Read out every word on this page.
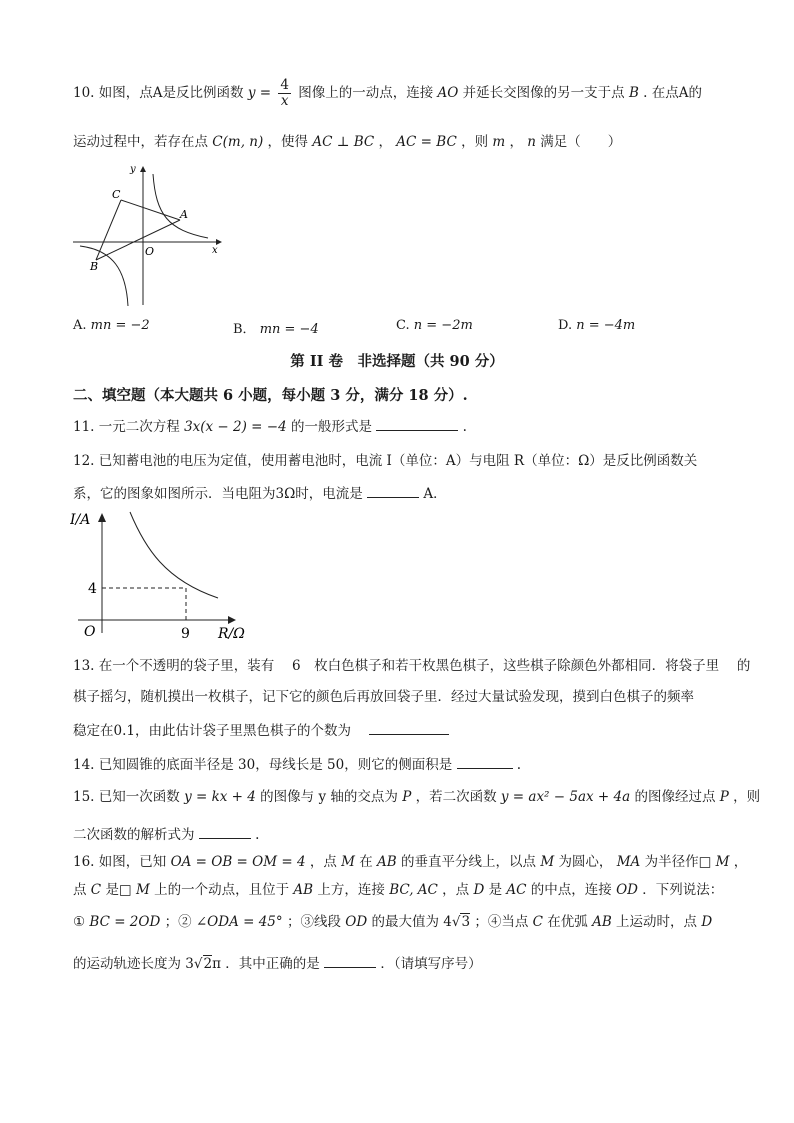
10. 如图，点A是反比例函数 $y = \frac{4}{x}$ 图像上的一动点，连接 AO 并延长交图像的另一支于点 B . 在点A的
运动过程中，若存在点 C(m, n) ，使得 AC ⊥ BC ， AC = BC ，则 m ， n 满足（　　）
C
A
B
O	x
y
A. mn = −2	B． mn = −4	C. n = −2m	D. n = −4m
第 II 卷　非选择题（共 90 分）
二、填空题（本大题共 6 小题，每小题 3 分，满分 18 分）.
11. 一元二次方程 3x(x − 2) = −4 的一般形式是	.
12. 已知蓄电池的电压为定值，使用蓄电池时，电流 I（单位：A）与电阻 R（单位：Ω）是反比例函数关
系，它的图象如图所示．当电阻为3Ω时，电流是	A．
I/A
R/Ω
O
4
9
13. 在一个不透明的袋子里，装有　 6　枚白色棋子和若干枚黑色棋子，这些棋子除颜色外都相同．将袋子里　 的
棋子摇匀，随机摸出一枚棋子，记下它的颜色后再放回袋子里．经过大量试验发现，摸到白色棋子的频率
稳定在0.1，由此估计袋子里黑色棋子的个数为
14. 已知圆锥的底面半径是 30，母线长是 50，则它的侧面积是	.
15. 已知一次函数 y = kx + 4 的图像与 y 轴的交点为 P ，若二次函数 y = ax² − 5ax + 4a 的图像经过点 P ，则
二次函数的解析式为	.
16. 如图，已知 OA = OB = OM = 4 ，点 M 在 AB 的垂直平分线上，以点 M 为圆心， MA 为半径作□ M ，
点 C 是□ M 上的一个动点，且位于 AB 上方，连接 BC, AC ，点 D 是 AC 的中点，连接 OD ．下列说法：
① BC = 2OD ；② ∠ODA = 45° ；③线段 OD 的最大值为 4√3 ；④当点 C 在优弧 AB 上运动时，点 D
的运动轨迹长度为 3√2π ．其中正确的是	．（请填写序号）
